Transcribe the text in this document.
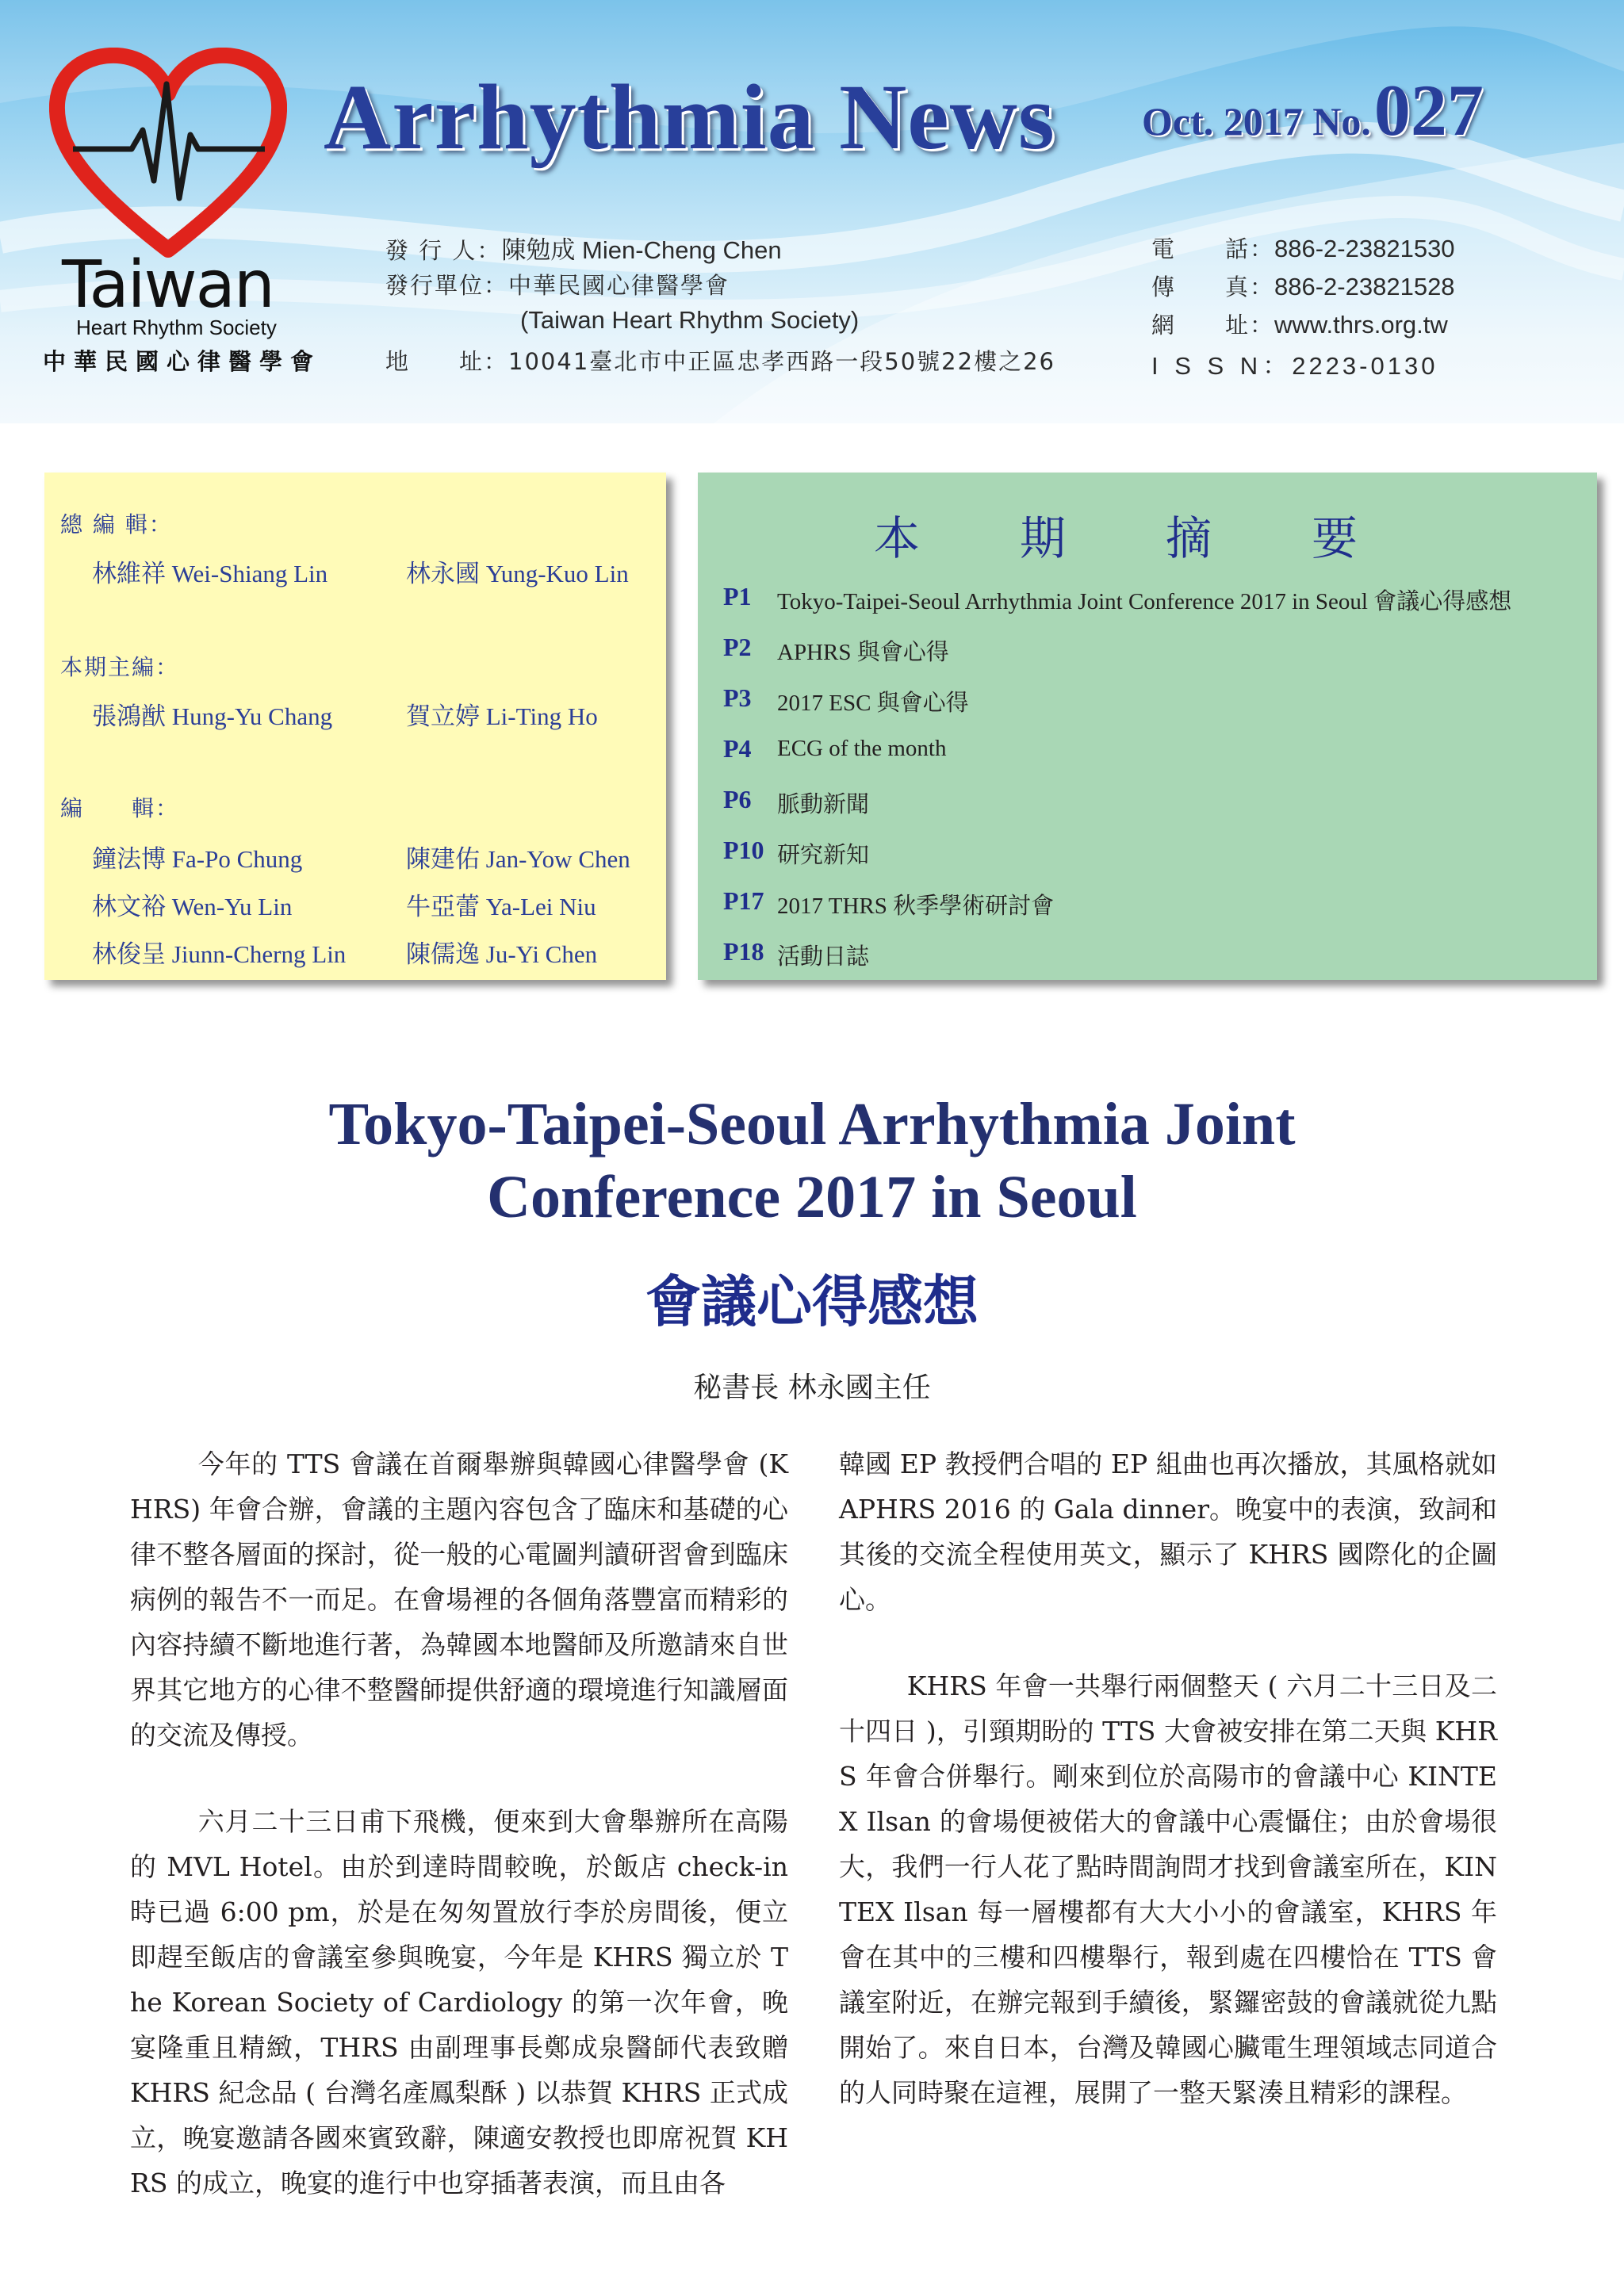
Taiwan
Heart Rhythm Society
中華民國心律醫學會
Arrhythmia News Oct. 2017 No. 027
發 行 人：陳勉成 Mien-Cheng Chen
發行單位：中華民國心律醫學會
(Taiwan Heart Rhythm Society)
地　　址：10041臺北市中正區忠孝西路一段50號22樓之26
電　　話：886-2-23821530
傳　　真：886-2-23821528
網　　址：www.thrs.org.tw
I S S N：2223-0130
總 編 輯：
林維祥 Wei-Shiang Lin	林永國 Yung-Kuo Lin
本期主編：
張鴻猷 Hung-Yu Chang	賀立婷 Li-Ting Ho
編　　輯：
鐘法博 Fa-Po Chung	陳建佑 Jan-Yow Chen
林文裕 Wen-Yu Lin	牛亞蕾 Ya-Lei Niu
林俊呈 Jiunn-Cherng Lin 陳儒逸 Ju-Yi Chen
本期摘要
P1 Tokyo-Taipei-Seoul Arrhythmia Joint Conference 2017 in Seoul 會議心得感想
P2 APHRS 與會心得
P3 2017 ESC 與會心得
P4 ECG of the month
P6 脈動新聞
P10 研究新知
P17 2017 THRS 秋季學術研討會
P18 活動日誌
Tokyo-Taipei-Seoul Arrhythmia Joint
Conference 2017 in Seoul
會議心得感想
秘書長 林永國主任

今年的 TTS 會議在首爾舉辦與韓國心律醫學會 (KHRS) 年會合辦，會議的主題內容包含了臨床和基礎的心律不整各層面的探討，從一般的心電圖判讀研習會到臨床病例的報告不一而足。在會場裡的各個角落豐富而精彩的內容持續不斷地進行著，為韓國本地醫師及所邀請來自世界其它地方的心律不整醫師提供舒適的環境進行知識層面的交流及傳授。

六月二十三日甫下飛機，便來到大會舉辦所在高陽的 MVL Hotel。由於到達時間較晚，於飯店 check-in 時已過 6:00 pm，於是在匆匆置放行李於房間後，便立即趕至飯店的會議室參與晚宴，今年是 KHRS 獨立於 The Korean Society of Cardiology 的第一次年會，晚宴隆重且精緻，THRS 由副理事長鄭成泉醫師代表致贈 KHRS 紀念品 ( 台灣名產鳳梨酥 ) 以恭賀 KHRS 正式成立，晚宴邀請各國來賓致辭，陳適安教授也即席祝賀 KHRS 的成立，晚宴的進行中也穿插著表演，而且由各

韓國 EP 教授們合唱的 EP 組曲也再次播放，其風格就如 APHRS 2016 的 Gala dinner。晚宴中的表演，致詞和其後的交流全程使用英文，顯示了 KHRS 國際化的企圖心。

KHRS 年會一共舉行兩個整天 ( 六月二十三日及二十四日 )，引頸期盼的 TTS 大會被安排在第二天與 KHRS 年會合併舉行。剛來到位於高陽市的會議中心 KINTEX Ilsan 的會場便被偌大的會議中心震懾住；由於會場很大，我們一行人花了點時間詢問才找到會議室所在，KINTEX Ilsan 每一層樓都有大大小小的會議室，KHRS 年會在其中的三樓和四樓舉行，報到處在四樓恰在 TTS 會議室附近，在辦完報到手續後，緊鑼密鼓的會議就從九點開始了。來自日本，台灣及韓國心臟電生理領域志同道合的人同時聚在這裡，展開了一整天緊湊且精彩的課程。
